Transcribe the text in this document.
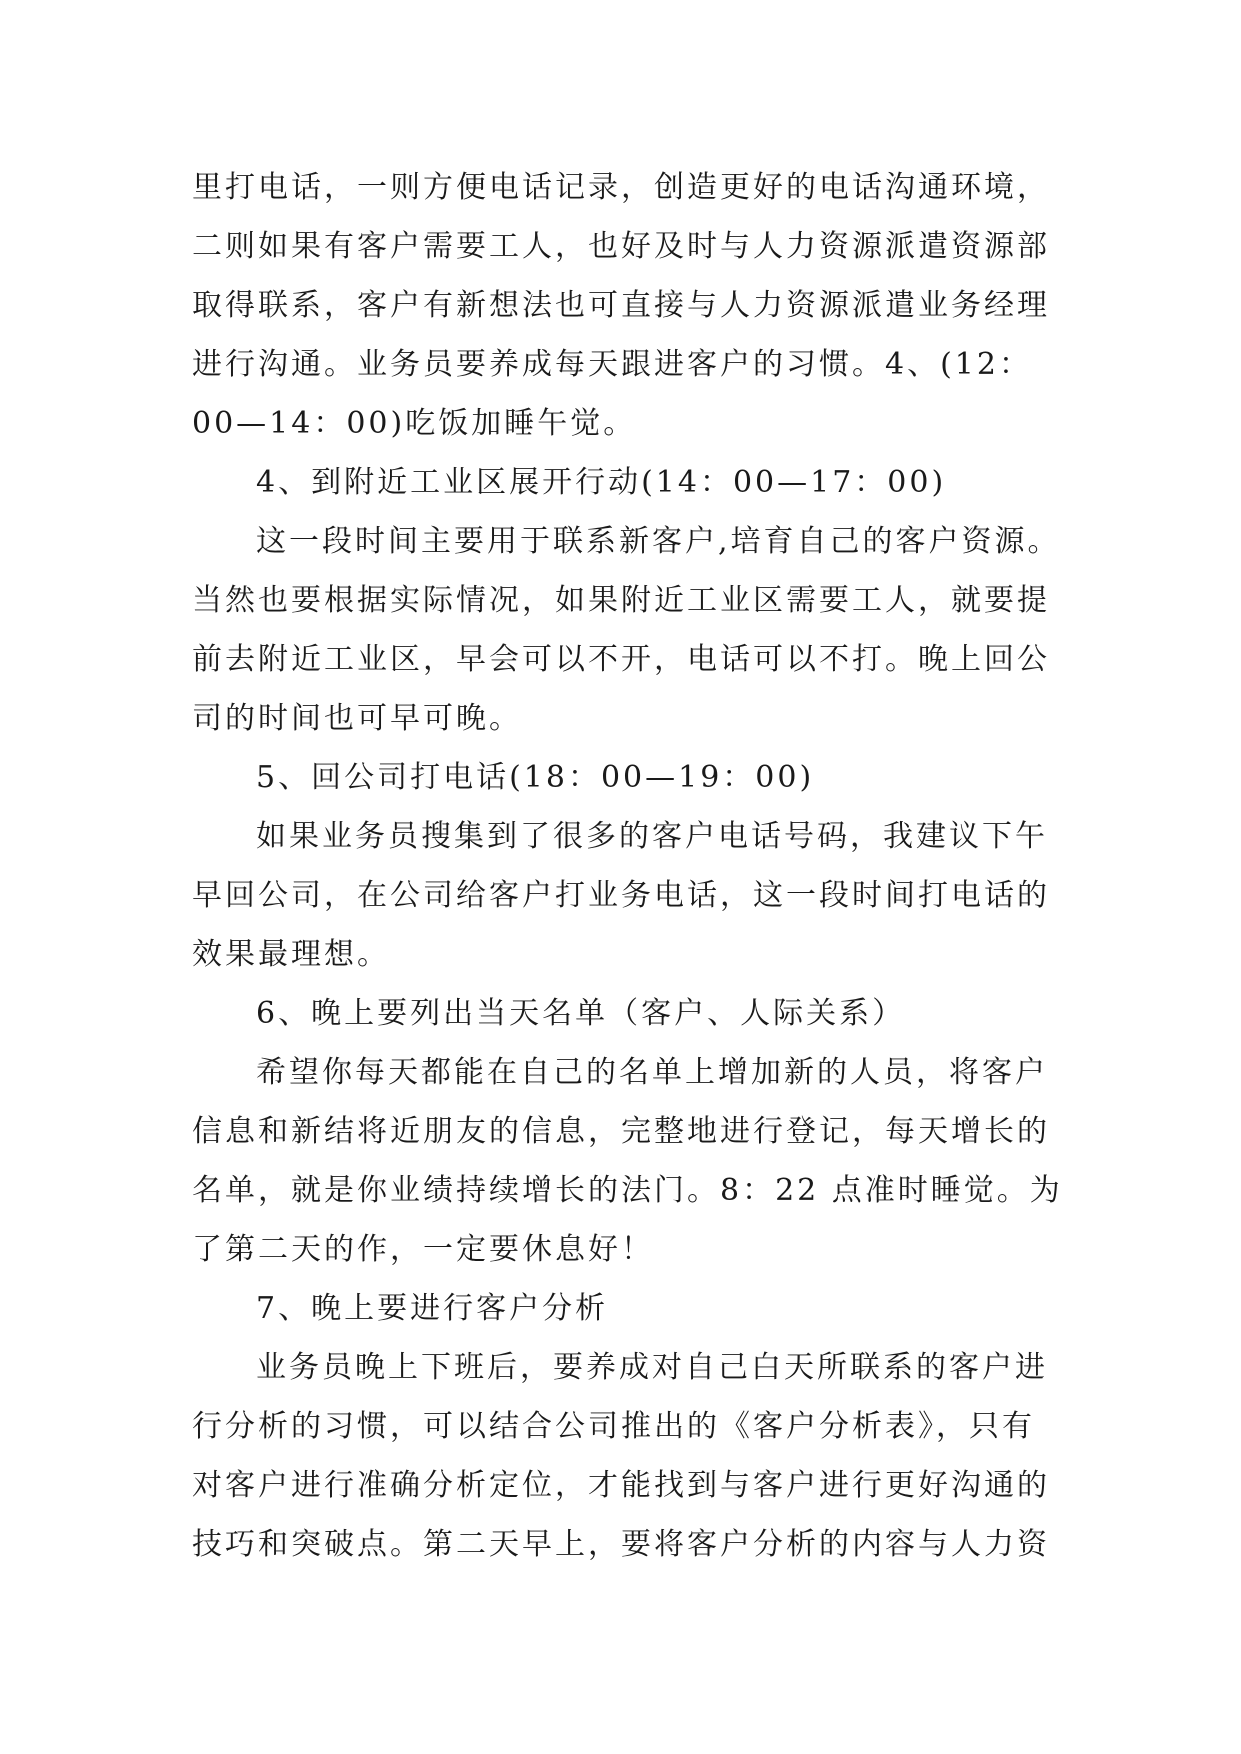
里打电话，一则方便电话记录，创造更好的电话沟通环境，
二则如果有客户需要工人，也好及时与人力资源派遣资源部
取得联系，客户有新想法也可直接与人力资源派遣业务经理
进行沟通。业务员要养成每天跟进客户的习惯。4、(12：
00—14：00)吃饭加睡午觉。
4、到附近工业区展开行动(14：00—17：00)
这一段时间主要用于联系新客户,培育自己的客户资源。
当然也要根据实际情况，如果附近工业区需要工人，就要提
前去附近工业区，早会可以不开，电话可以不打。晚上回公
司的时间也可早可晚。
5、回公司打电话(18：00—19：00)
如果业务员搜集到了很多的客户电话号码，我建议下午
早回公司，在公司给客户打业务电话，这一段时间打电话的
效果最理想。
6、晚上要列出当天名单（客户、人际关系）
希望你每天都能在自己的名单上增加新的人员，将客户
信息和新结将近朋友的信息，完整地进行登记，每天增长的
名单，就是你业绩持续增长的法门。8：22 点准时睡觉。为
了第二天的作，一定要休息好！
7、晚上要进行客户分析
业务员晚上下班后，要养成对自己白天所联系的客户进
行分析的习惯，可以结合公司推出的《客户分析表》，只有
对客户进行准确分析定位，才能找到与客户进行更好沟通的
技巧和突破点。第二天早上，要将客户分析的内容与人力资
